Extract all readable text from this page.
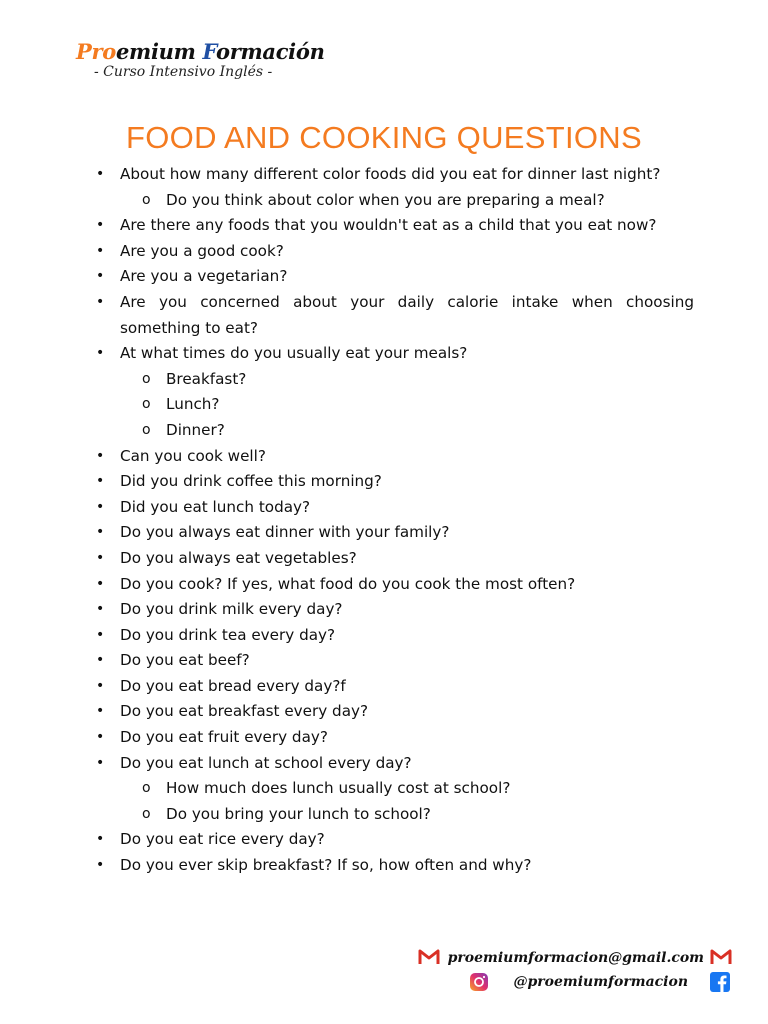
Proemium Formación
- Curso Intensivo Inglés -
FOOD AND COOKING QUESTIONS
• About how many different color foods did you eat for dinner last night?
o Do you think about color when you are preparing a meal?
• Are there any foods that you wouldn't eat as a child that you eat now?
• Are you a good cook?
• Are you a vegetarian?
• Are you concerned about your daily calorie intake when choosing something to eat?
• At what times do you usually eat your meals?
o Breakfast?
o Lunch?
o Dinner?
• Can you cook well?
• Did you drink coffee this morning?
• Did you eat lunch today?
• Do you always eat dinner with your family?
• Do you always eat vegetables?
• Do you cook? If yes, what food do you cook the most often?
• Do you drink milk every day?
• Do you drink tea every day?
• Do you eat beef?
• Do you eat bread every day?f
• Do you eat breakfast every day?
• Do you eat fruit every day?
• Do you eat lunch at school every day?
o How much does lunch usually cost at school?
o Do you bring your lunch to school?
• Do you eat rice every day?
• Do you ever skip breakfast? If so, how often and why?
proemiumformacion@gmail.com
@proemiumformacion
